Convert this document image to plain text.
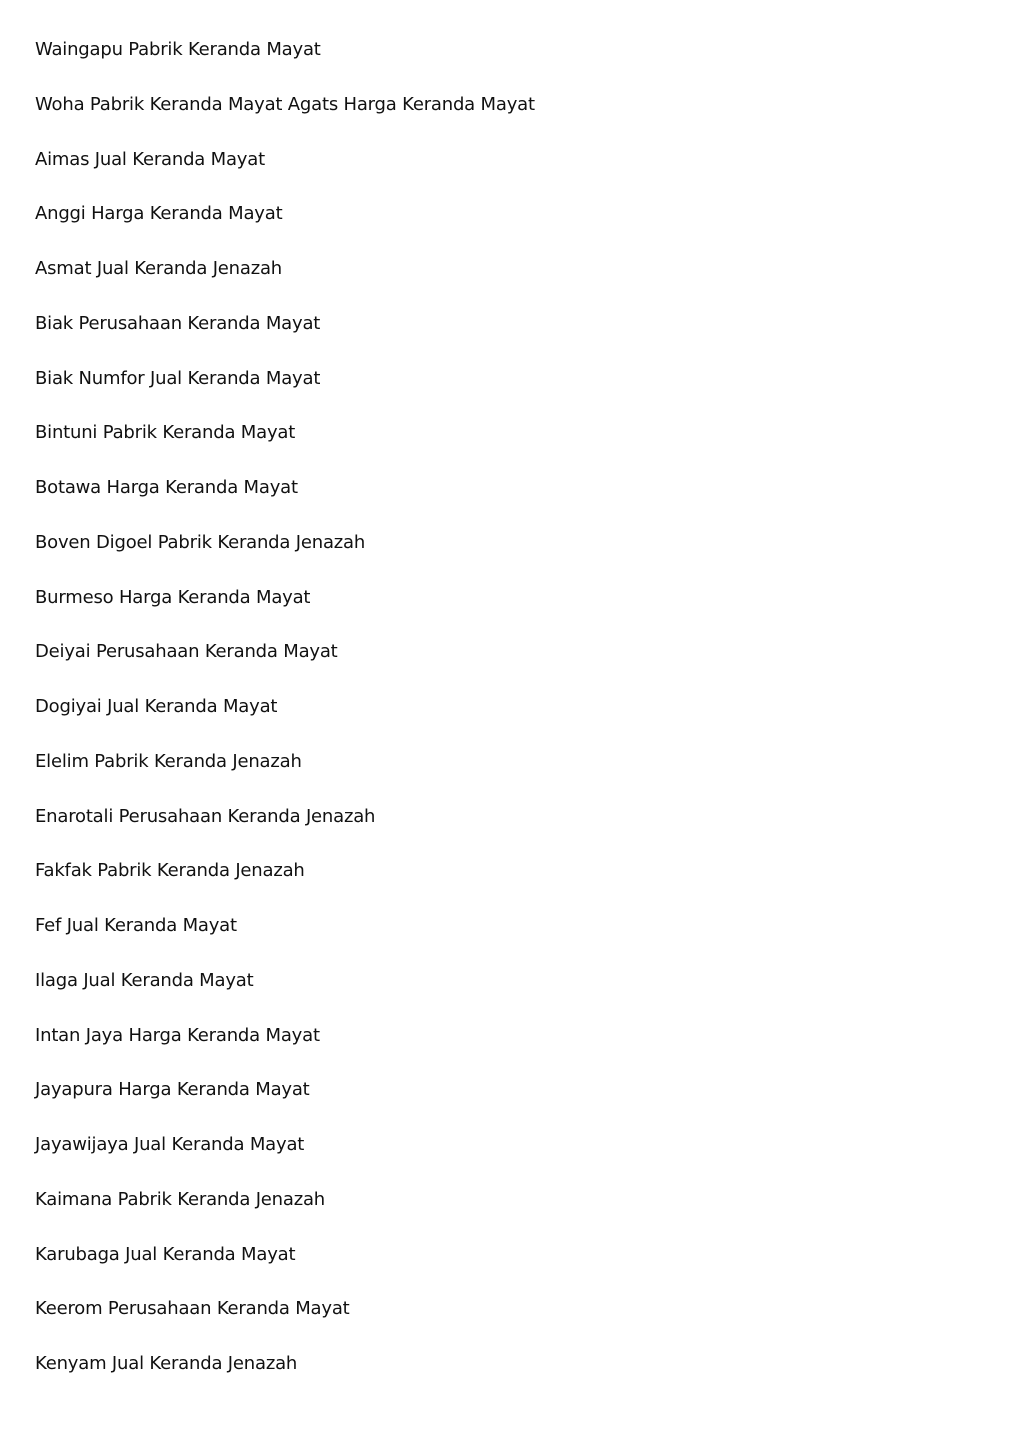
Waingapu Pabrik Keranda Mayat
Woha Pabrik Keranda Mayat Agats Harga Keranda Mayat
Aimas Jual Keranda Mayat
Anggi Harga Keranda Mayat
Asmat Jual Keranda Jenazah
Biak Perusahaan Keranda Mayat
Biak Numfor Jual Keranda Mayat
Bintuni Pabrik Keranda Mayat
Botawa Harga Keranda Mayat
Boven Digoel Pabrik Keranda Jenazah
Burmeso Harga Keranda Mayat
Deiyai Perusahaan Keranda Mayat
Dogiyai Jual Keranda Mayat
Elelim Pabrik Keranda Jenazah
Enarotali Perusahaan Keranda Jenazah
Fakfak Pabrik Keranda Jenazah
Fef Jual Keranda Mayat
Ilaga Jual Keranda Mayat
Intan Jaya Harga Keranda Mayat
Jayapura Harga Keranda Mayat
Jayawijaya Jual Keranda Mayat
Kaimana Pabrik Keranda Jenazah
Karubaga Jual Keranda Mayat
Keerom Perusahaan Keranda Mayat
Kenyam Jual Keranda Jenazah
